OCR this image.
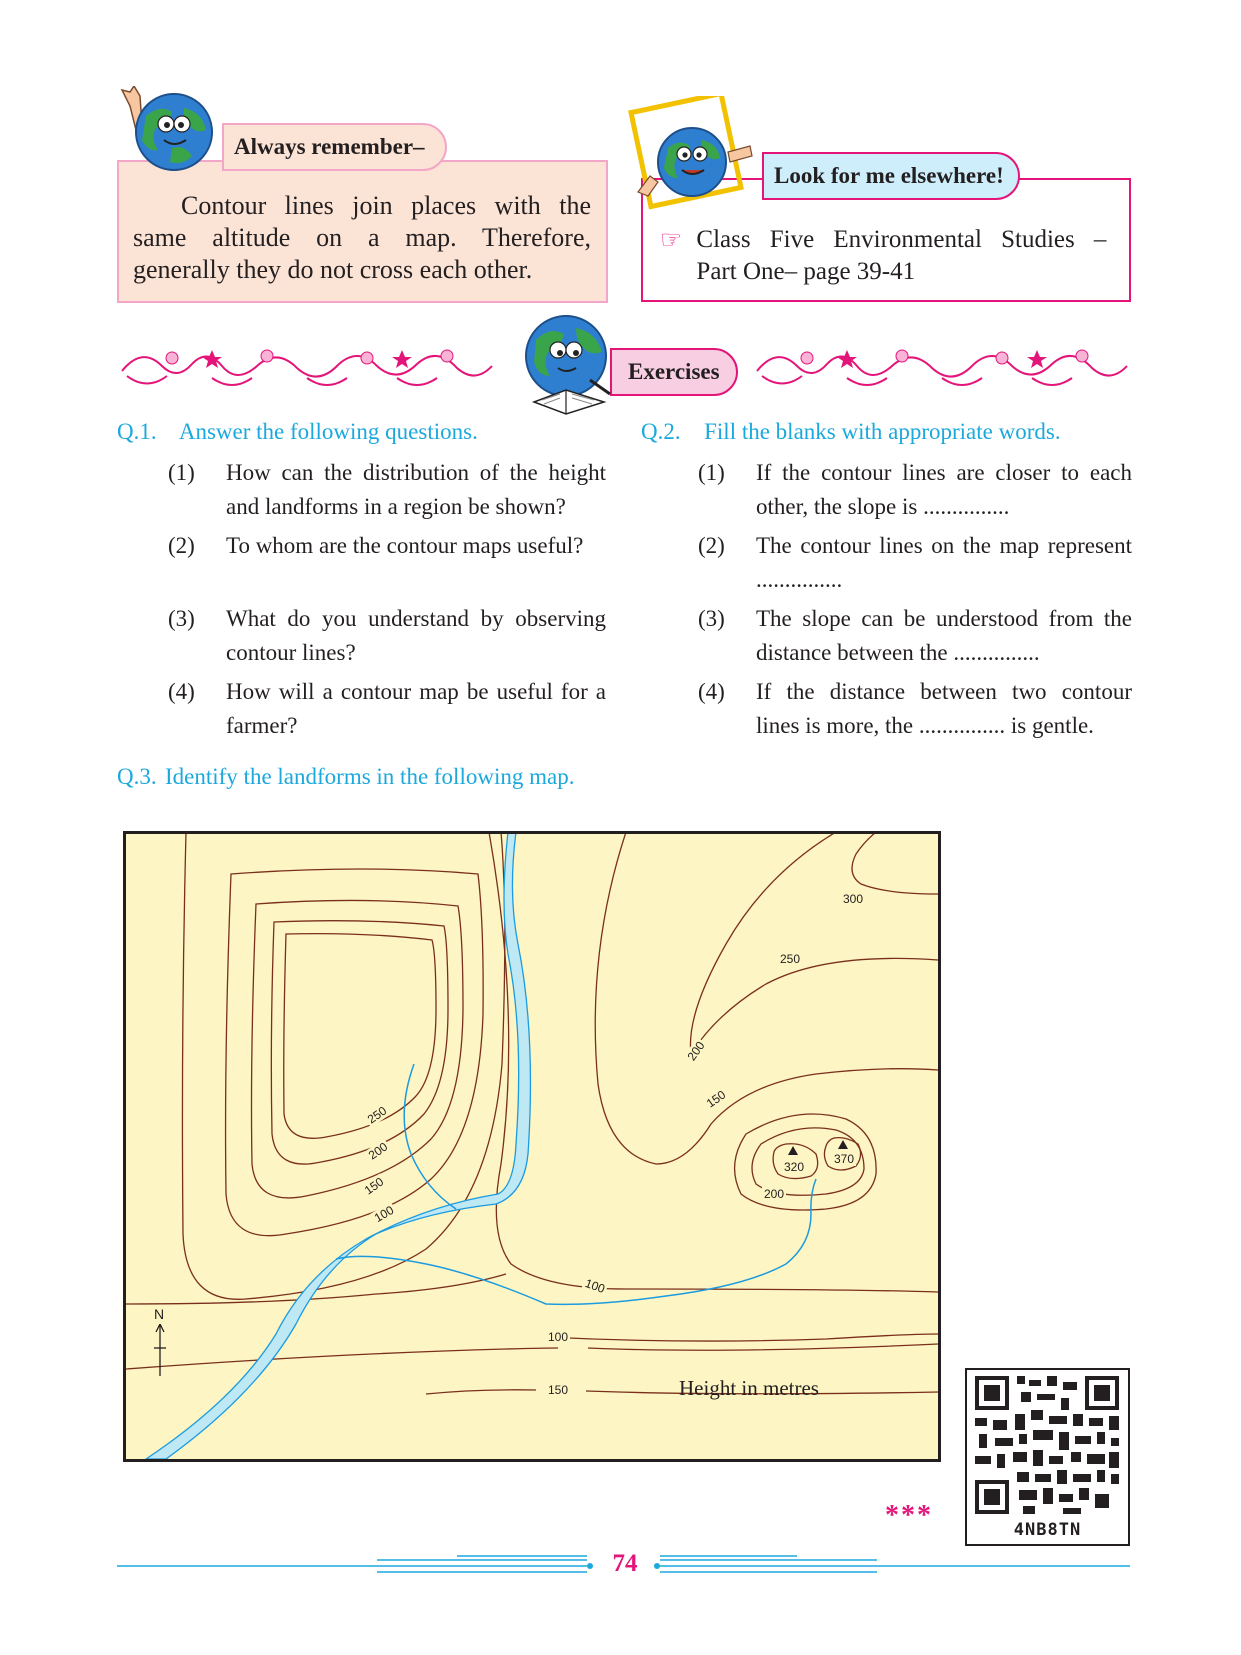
Always remember–
Contour lines join places with the same altitude on a map. Therefore, generally they do not cross each other.
Look for me elsewhere!
☞ Class Five Environmental Studies –
Part One– page 39-41
Exercises
Q.1. Answer the following questions.
(1)	How can the distribution of the height and landforms in a region be shown?
(2)	To whom are the contour maps useful?
(3)	What do you understand by observing contour lines?
(4)	How will a contour map be useful for a farmer?
Q.2. Fill the blanks with appropriate words.
(1)	If the contour lines are closer to each other, the slope is ...............
(2)	The contour lines on the map represent ...............
(3)	The slope can be understood from the distance between the ...............
(4)	If the distance between two contour lines is more, the ............... is gentle.
Q.3. Identify the landforms in the following map.
300
250
200
150
250
200
150
100
100
100
150
320
370
200
N
Height in metres
4NB8TN
***
74
